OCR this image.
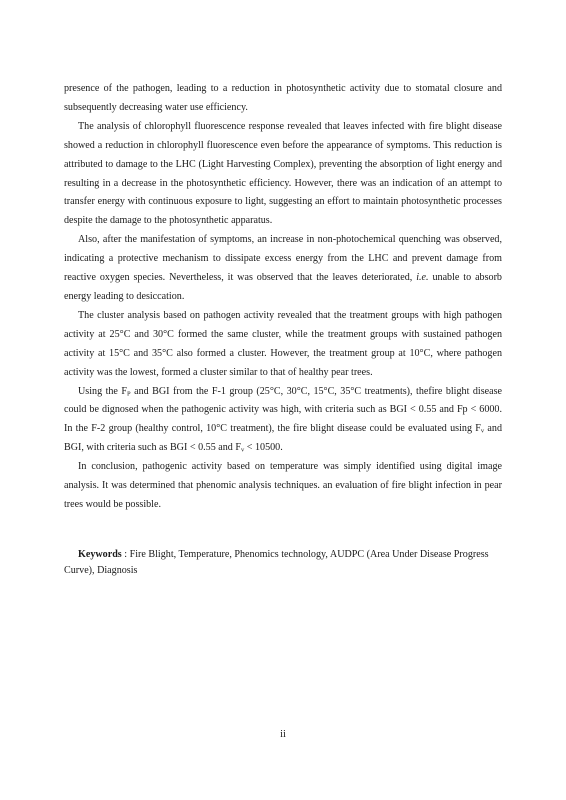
presence of the pathogen, leading to a reduction in photosynthetic activity due to stomatal closure and subsequently decreasing water use efficiency.

The analysis of chlorophyll fluorescence response revealed that leaves infected with fire blight disease showed a reduction in chlorophyll fluorescence even before the appearance of symptoms. This reduction is attributed to damage to the LHC (Light Harvesting Complex), preventing the absorption of light energy and resulting in a decrease in the photosynthetic efficiency. However, there was an indication of an attempt to transfer energy with continuous exposure to light, suggesting an effort to maintain photosynthetic processes despite the damage to the photosynthetic apparatus.

Also, after the manifestation of symptoms, an increase in non-photochemical quenching was observed, indicating a protective mechanism to dissipate excess energy from the LHC and prevent damage from reactive oxygen species. Nevertheless, it was observed that the leaves deteriorated, i.e. unable to absorb energy leading to desiccation.

The cluster analysis based on pathogen activity revealed that the treatment groups with high pathogen activity at 25°C and 30°C formed the same cluster, while the treatment groups with sustained pathogen activity at 15°C and 35°C also formed a cluster. However, the treatment group at 10°C, where pathogen activity was the lowest, formed a cluster similar to that of healthy pear trees.

Using the $F_P$ and BGI from the F-1 group (25°C, 30°C, 15°C, 35°C treatments), thefire blight disease could be dignosed when the pathogenic activity was high, with criteria such as BGI < 0.55 and Fp < 6000. In the F-2 group (healthy control, 10°C treatment), the fire blight disease could be evaluated using $F_v$ and BGI, with criteria such as BGI < 0.55 and $F_v < 10500$.

In conclusion, pathogenic activity based on temperature was simply identified using digital image analysis. It was determined that phenomic analysis techniques. an evaluation of fire blight infection in pear trees would be possible.

Keywords : Fire Blight, Temperature, Phenomics technology, AUDPC (Area Under Disease Progress Curve), Diagnosis
ii
